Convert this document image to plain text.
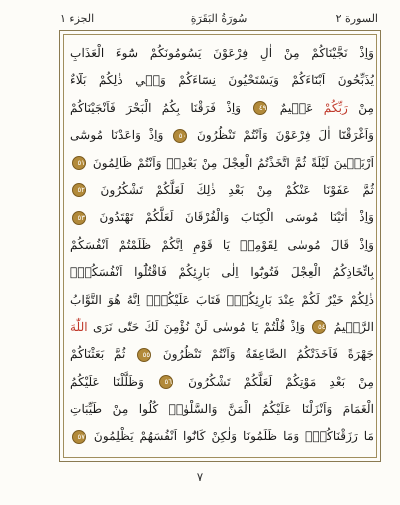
السورة ٢
سُورَةُ البَقَرَةِ
الجزء ١
وَاِذْ نَجَّيْنَاكُمْ مِنْ اٰلِ فِرْعَوْنَ يَسُومُونَكُمْ سُٓوءَ الْعَذَابِ
يُذَبِّحُونَ اَبْنَٓاءَكُمْ وَيَسْتَحْيُونَ نِسَٓاءَكُمْ وَف۪ي ذٰلِكُمْ بَلَٓاءٌ
مِنْ رَبِّكُمْ عَظ۪يمٌ ٤٩ وَاِذْ فَرَقْنَا بِكُمُ الْبَحْرَ فَاَنْجَيْنَاكُمْ
وَاَغْرَقْنَٓا اٰلَ فِرْعَوْنَ وَاَنْتُمْ تَنْظُرُونَ ٥٠ وَاِذْ وَاعَدْنَا مُوسٰٓى
اَرْبَع۪ينَ لَيْلَةً ثُمَّ اتَّخَذْتُمُ الْعِجْلَ مِنْ بَعْدِه۪ وَاَنْتُمْ ظَالِمُونَ ٥١
ثُمَّ عَفَوْنَا عَنْكُمْ مِنْ بَعْدِ ذٰلِكَ لَعَلَّكُمْ تَشْكُرُونَ ٥٢
وَاِذْ اٰتَيْنَا مُوسَى الْكِتَابَ وَالْفُرْقَانَ لَعَلَّكُمْ تَهْتَدُونَ ٥٣
وَاِذْ قَالَ مُوسٰى لِقَوْمِه۪ يَا قَوْمِ اِنَّكُمْ ظَلَمْتُمْ اَنْفُسَكُمْ
بِاتِّخَاذِكُمُ الْعِجْلَ فَتُوبُٓوا اِلٰى بَارِئِكُمْ فَاقْتُلُٓوا اَنْفُسَكُمْۜ
ذٰلِكُمْ خَيْرٌ لَكُمْ عِنْدَ بَارِئِكُمْۜ فَتَابَ عَلَيْكُمْۜ اِنَّهُ هُوَ التَّوَّابُ
الرَّح۪يمُ ٥٤ وَاِذْ قُلْتُمْ يَا مُوسٰى لَنْ نُؤْمِنَ لَكَ حَتّٰى نَرَى اللّٰهَ
جَهْرَةً فَاَخَذَتْكُمُ الصَّاعِقَةُ وَاَنْتُمْ تَنْظُرُونَ ٥٥ ثُمَّ بَعَثْنَاكُمْ
مِنْ بَعْدِ مَوْتِكُمْ لَعَلَّكُمْ تَشْكُرُونَ ٥٦ وَظَلَّلْنَا عَلَيْكُمُ
الْغَمَامَ وَاَنْزَلْنَا عَلَيْكُمُ الْمَنَّ وَالسَّلْوٰىۜ كُلُوا مِنْ طَيِّبَاتِ
مَا رَزَقْنَاكُمْۜ وَمَا ظَلَمُونَا وَلٰكِنْ كَانُٓوا اَنْفُسَهُمْ يَظْلِمُونَ ٥٧
٧
